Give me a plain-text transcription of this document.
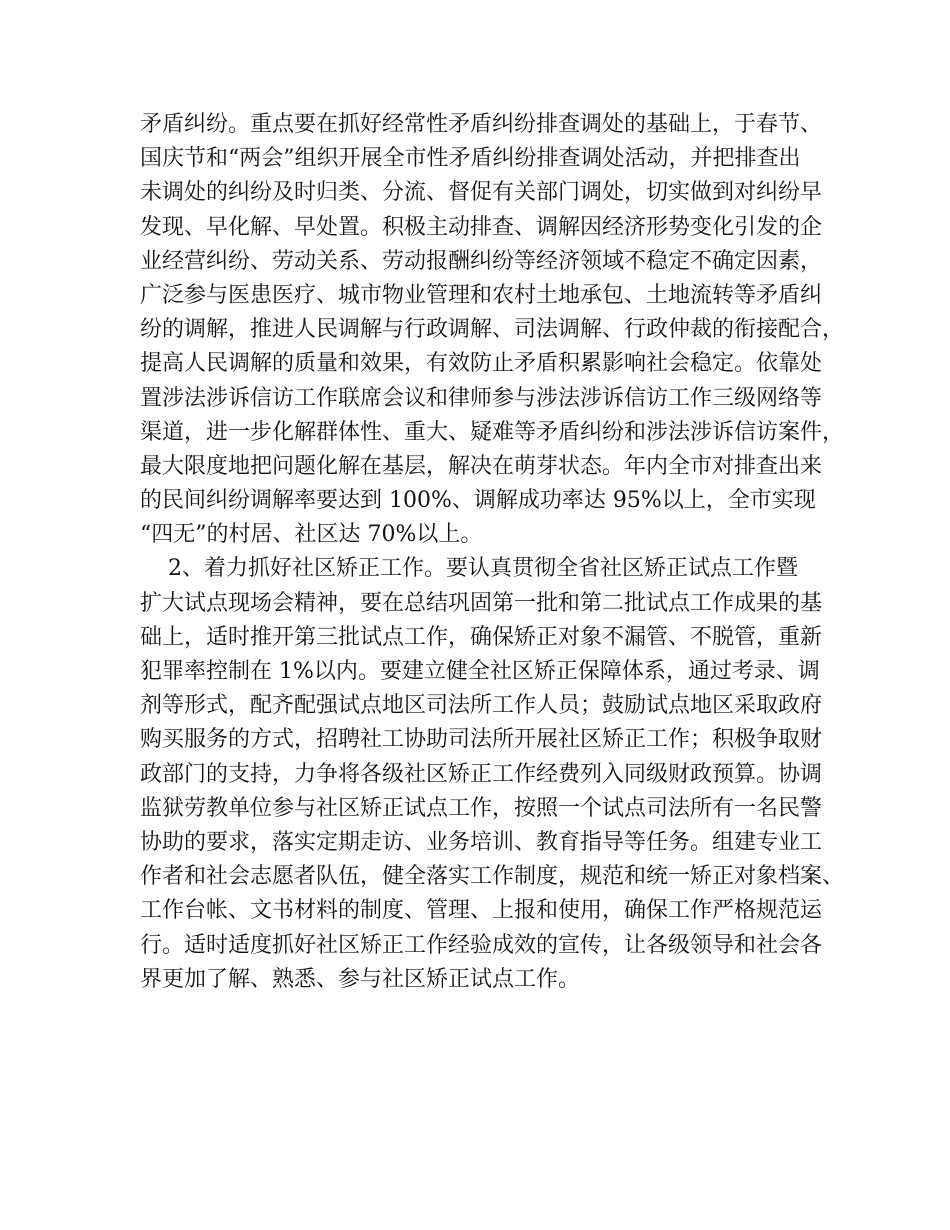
矛盾纠纷。重点要在抓好经常性矛盾纠纷排查调处的基础上，于春节、
国庆节和“两会”组织开展全市性矛盾纠纷排查调处活动，并把排查出
未调处的纠纷及时归类、分流、督促有关部门调处，切实做到对纠纷早
发现、早化解、早处置。积极主动排查、调解因经济形势变化引发的企
业经营纠纷、劳动关系、劳动报酬纠纷等经济领域不稳定不确定因素，
广泛参与医患医疗、城市物业管理和农村土地承包、土地流转等矛盾纠
纷的调解，推进人民调解与行政调解、司法调解、行政仲裁的衔接配合，
提高人民调解的质量和效果，有效防止矛盾积累影响社会稳定。依靠处
置涉法涉诉信访工作联席会议和律师参与涉法涉诉信访工作三级网络等
渠道，进一步化解群体性、重大、疑难等矛盾纠纷和涉法涉诉信访案件，
最大限度地把问题化解在基层，解决在萌芽状态。年内全市对排查出来
的民间纠纷调解率要达到 100%、调解成功率达 95%以上，全市实现
“四无”的村居、社区达 70%以上。
2、着力抓好社区矫正工作。要认真贯彻全省社区矫正试点工作暨
扩大试点现场会精神，要在总结巩固第一批和第二批试点工作成果的基
础上，适时推开第三批试点工作，确保矫正对象不漏管、不脱管，重新
犯罪率控制在 1%以内。要建立健全社区矫正保障体系，通过考录、调
剂等形式，配齐配强试点地区司法所工作人员；鼓励试点地区采取政府
购买服务的方式，招聘社工协助司法所开展社区矫正工作；积极争取财
政部门的支持，力争将各级社区矫正工作经费列入同级财政预算。协调
监狱劳教单位参与社区矫正试点工作，按照一个试点司法所有一名民警
协助的要求，落实定期走访、业务培训、教育指导等任务。组建专业工
作者和社会志愿者队伍，健全落实工作制度，规范和统一矫正对象档案、
工作台帐、文书材料的制度、管理、上报和使用，确保工作严格规范运
行。适时适度抓好社区矫正工作经验成效的宣传，让各级领导和社会各
界更加了解、熟悉、参与社区矫正试点工作。
